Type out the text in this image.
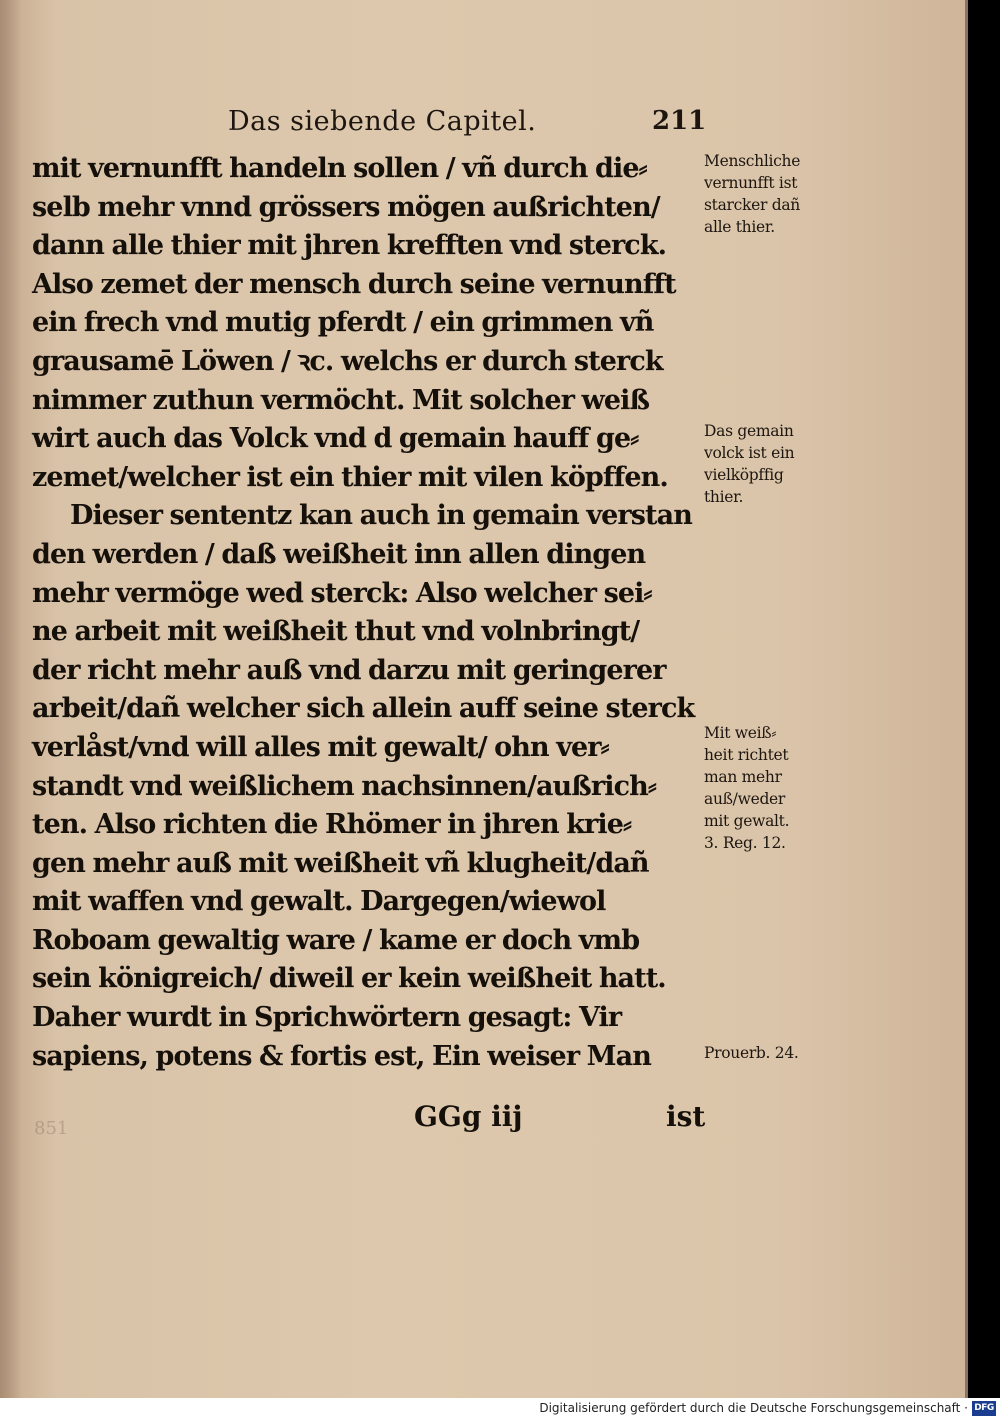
Das siebende Capitel.	211
mit vernunfft handeln sollen / vñ durch die⸗
selb mehr vnnd grössers mögen außrichten/
dann alle thier mit jhren krefften vnd sterck.
Also zemet der mensch durch seine vernunfft
ein frech vnd mutig pferdt / ein grimmen vñ
grausamē Löwen / ꝛc. welchs er durch sterck
nimmer zuthun vermöcht. Mit solcher weiß
wirt auch das Volck vnd d gemain hauff ge⸗
zemet/welcher ist ein thier mit vilen köpffen.
Dieser sententz kan auch in gemain verstan
den werden / daß weißheit inn allen dingen
mehr vermöge wed sterck: Also welcher sei⸗
ne arbeit mit weißheit thut vnd volnbringt/
der richt mehr auß vnd darzu mit geringerer
arbeit/dañ welcher sich allein auff seine sterck
verlåst/vnd will alles mit gewalt/ ohn ver⸗
standt vnd weißlichem nachsinnen/außrich⸗
ten. Also richten die Rhömer in jhren krie⸗
gen mehr auß mit weißheit vñ klugheit/dañ
mit waffen vnd gewalt. Dargegen/wiewol
Roboam gewaltig ware / kame er doch vmb
sein königreich/ diweil er kein weißheit hatt.
Daher wurdt in Sprichwörtern gesagt: Vir
sapiens, potens & fortis est, Ein weiser Man
Menschliche
vernunfft ist
starcker dañ
alle thier.
Das gemain
volck ist ein
vielköpffig
thier.
Mit weiß⸗
heit richtet
man mehr
auß/weder
mit gewalt.
3. Reg. 12.
Prouerb. 24.
GGg iij	ist
851
Digitalisierung gefördert durch die Deutsche Forschungsgemeinschaft · DFG
